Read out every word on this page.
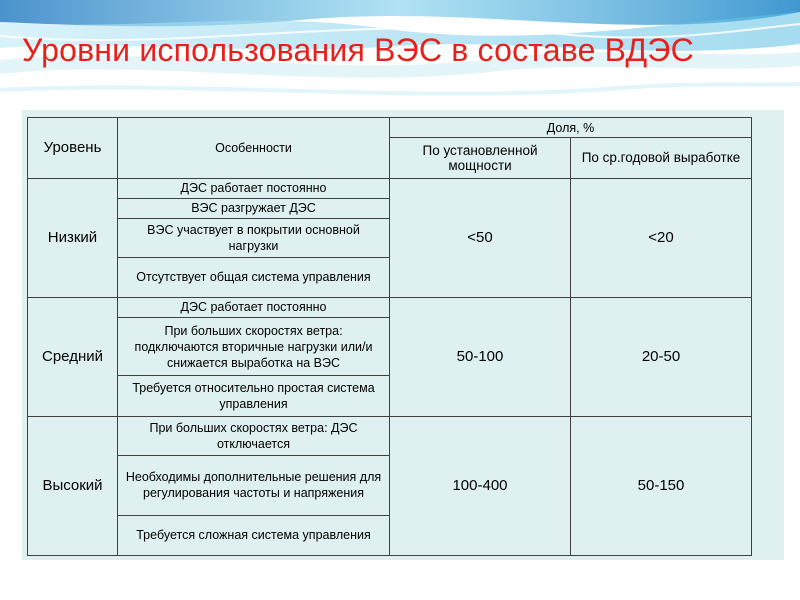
Уровни использования ВЭС в составе ВДЭС
Уровень	Особенности	Доля, %	
		По установленной мощности	По ср.годовой выработке

Низкий	ДЭС работает постоянно	<50	<20
	ВЭС разгружает ДЭС		
	ВЭС участвует в покрытии основной нагрузки		
	Отсутствует общая система управления		
Средний	ДЭС работает постоянно	50-100	20-50
	При больших скоростях ветра: подключаются вторичные нагрузки или/и снижается выработка на ВЭС		
	Требуется относительно простая система управления		
Высокий	При больших скоростях ветра: ДЭС отключается	100-400	50-150
	Необходимы дополнительные решения для регулирования частоты и напряжения		
	Требуется сложная система управления		
